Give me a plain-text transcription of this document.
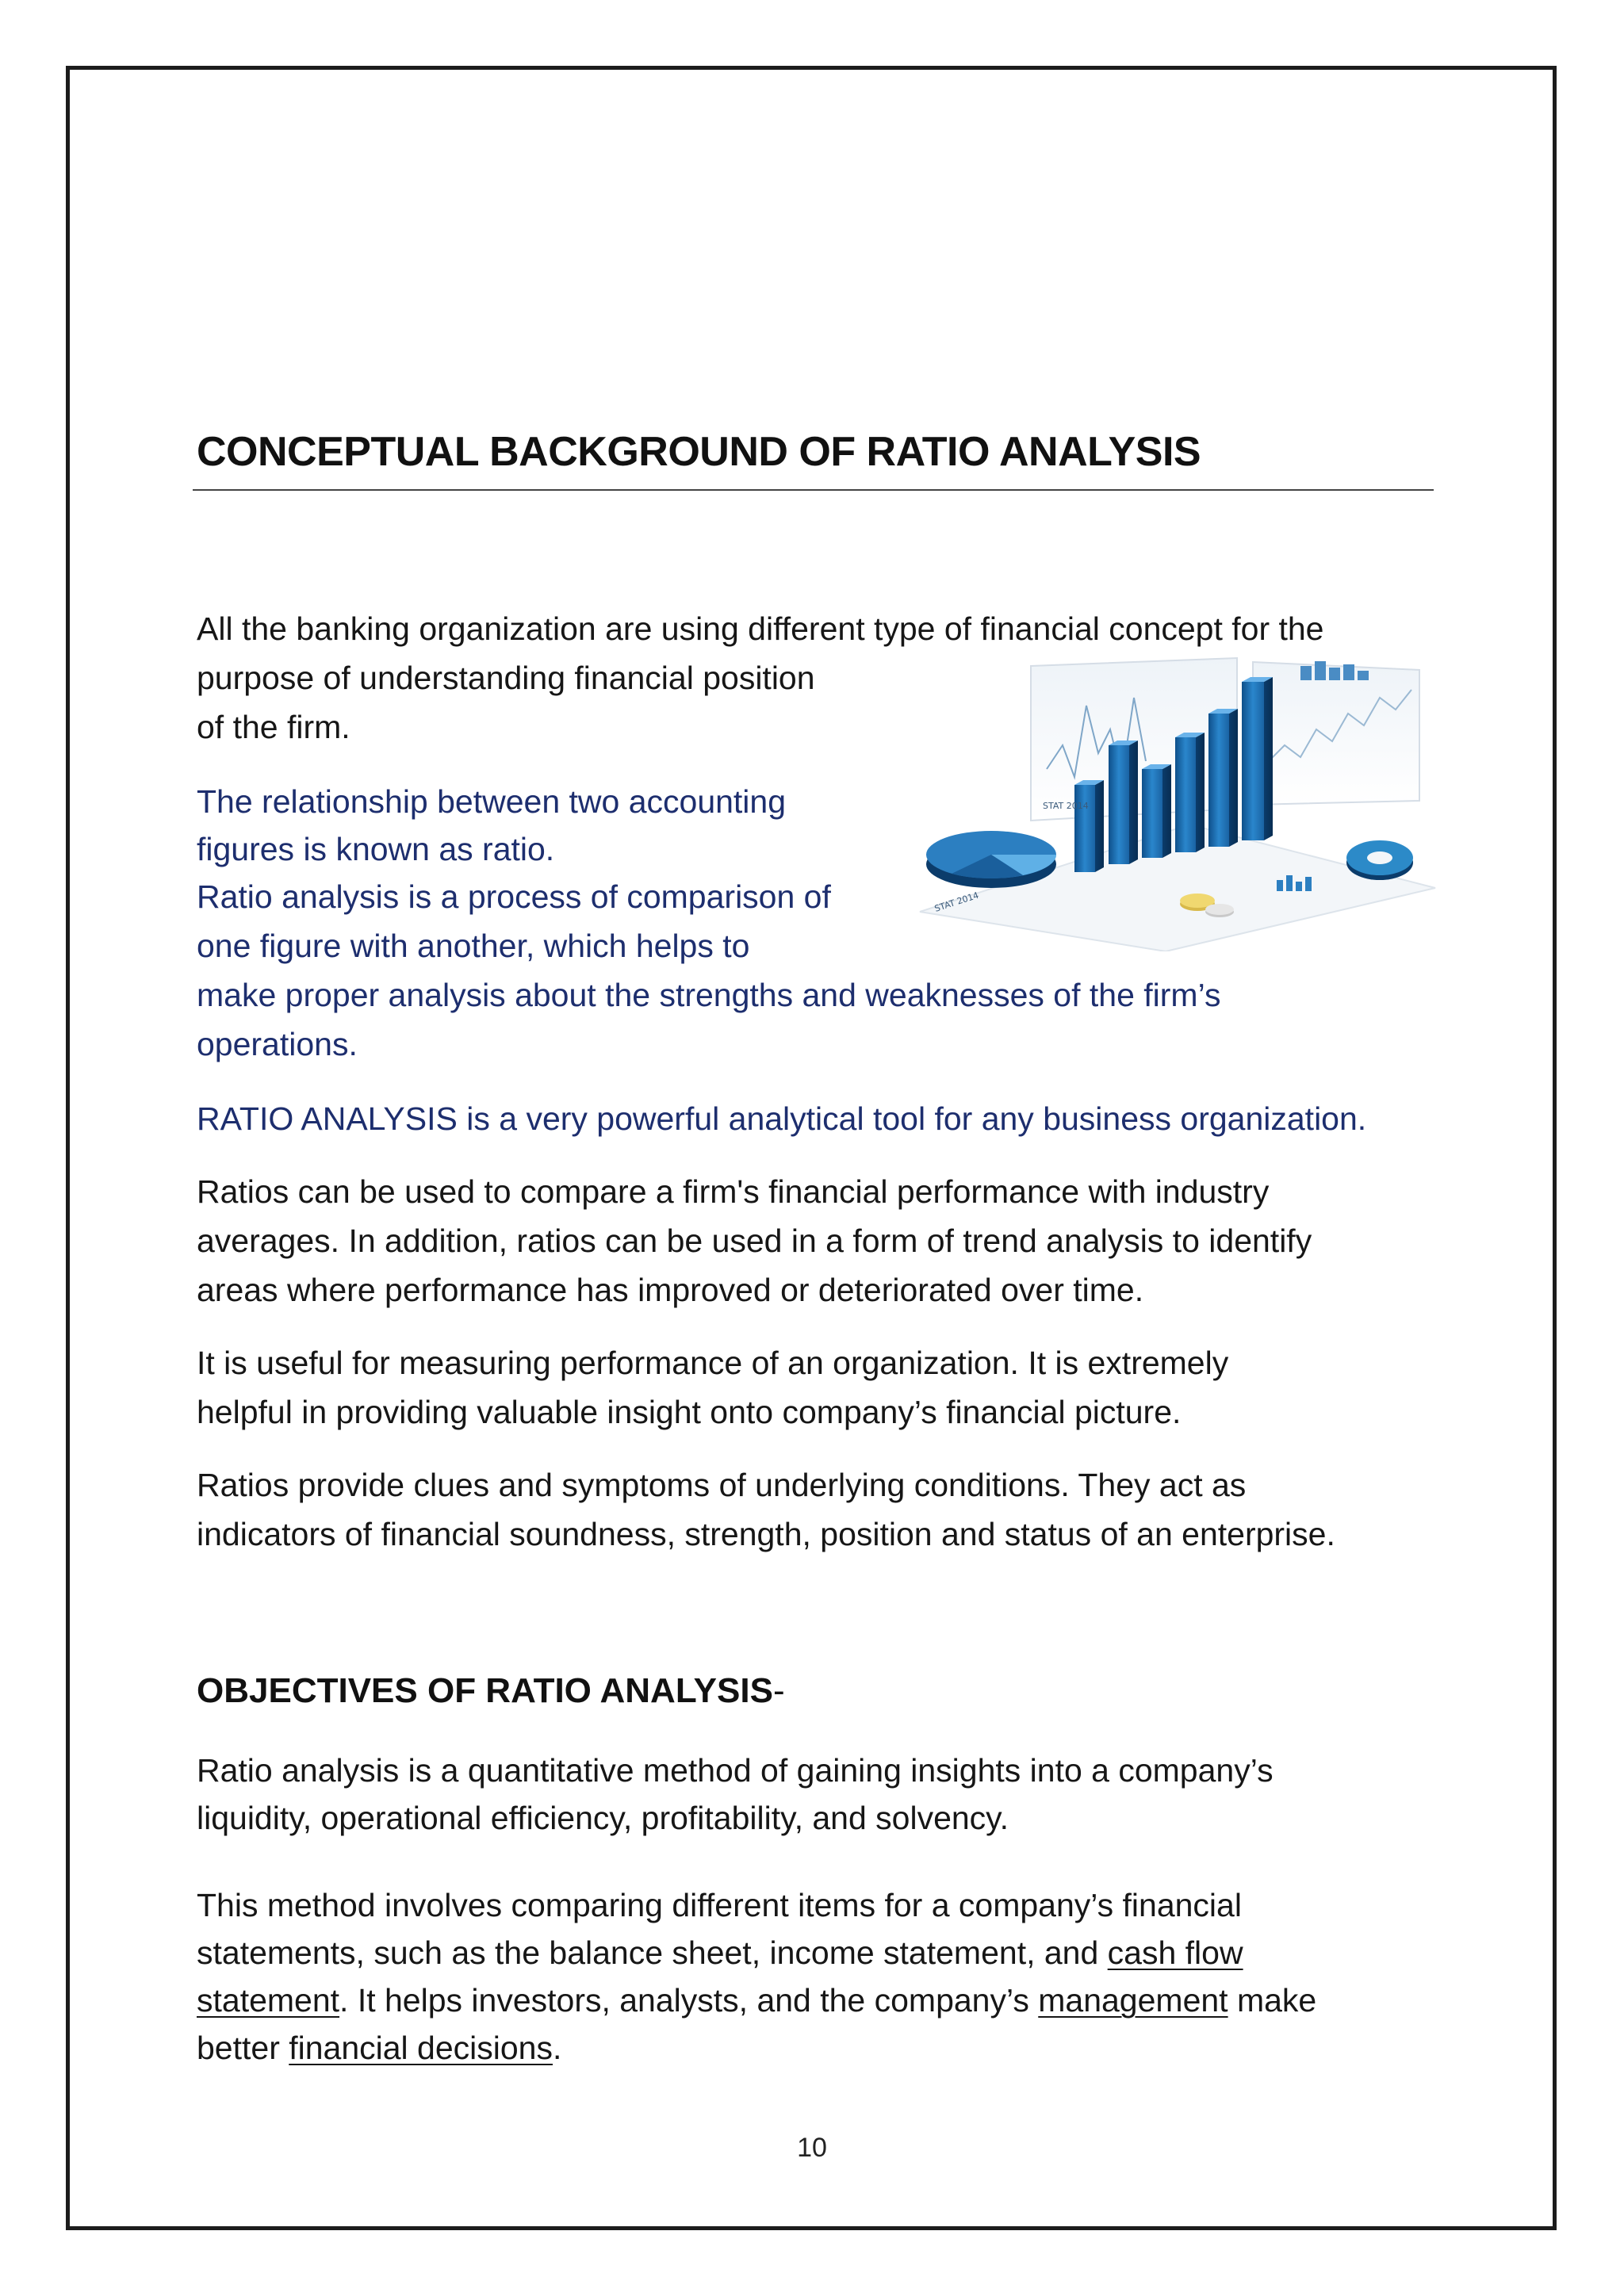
CONCEPTUAL BACKGROUND OF RATIO ANALYSIS
All the banking organization are using different type of financial concept for the
purpose of understanding financial position
of the firm.
The relationship between two accounting
figures is known as ratio.
Ratio analysis is a process of comparison of
one figure with another, which helps to
make proper analysis about the strengths and weaknesses of the firm’s
operations.
RATIO ANALYSIS is a very powerful analytical tool for any business organization.
Ratios can be used to compare a firm's financial performance with industry
averages. In addition, ratios can be used in a form of trend analysis to identify
areas where performance has improved or deteriorated over time.
It is useful for measuring performance of an organization. It is extremely
helpful in providing valuable insight onto company’s financial picture.
Ratios provide clues and symptoms of underlying conditions. They act as
indicators of financial soundness, strength, position and status of an enterprise.
OBJECTIVES OF RATIO ANALYSIS-
Ratio analysis is a quantitative method of gaining insights into a company’s
liquidity, operational efficiency, profitability, and solvency.
This method involves comparing different items for a company’s financial
statements, such as the balance sheet, income statement, and cash flow
statement. It helps investors, analysts, and the company’s management make
better financial decisions.
STAT 2014
STAT 2014
10
